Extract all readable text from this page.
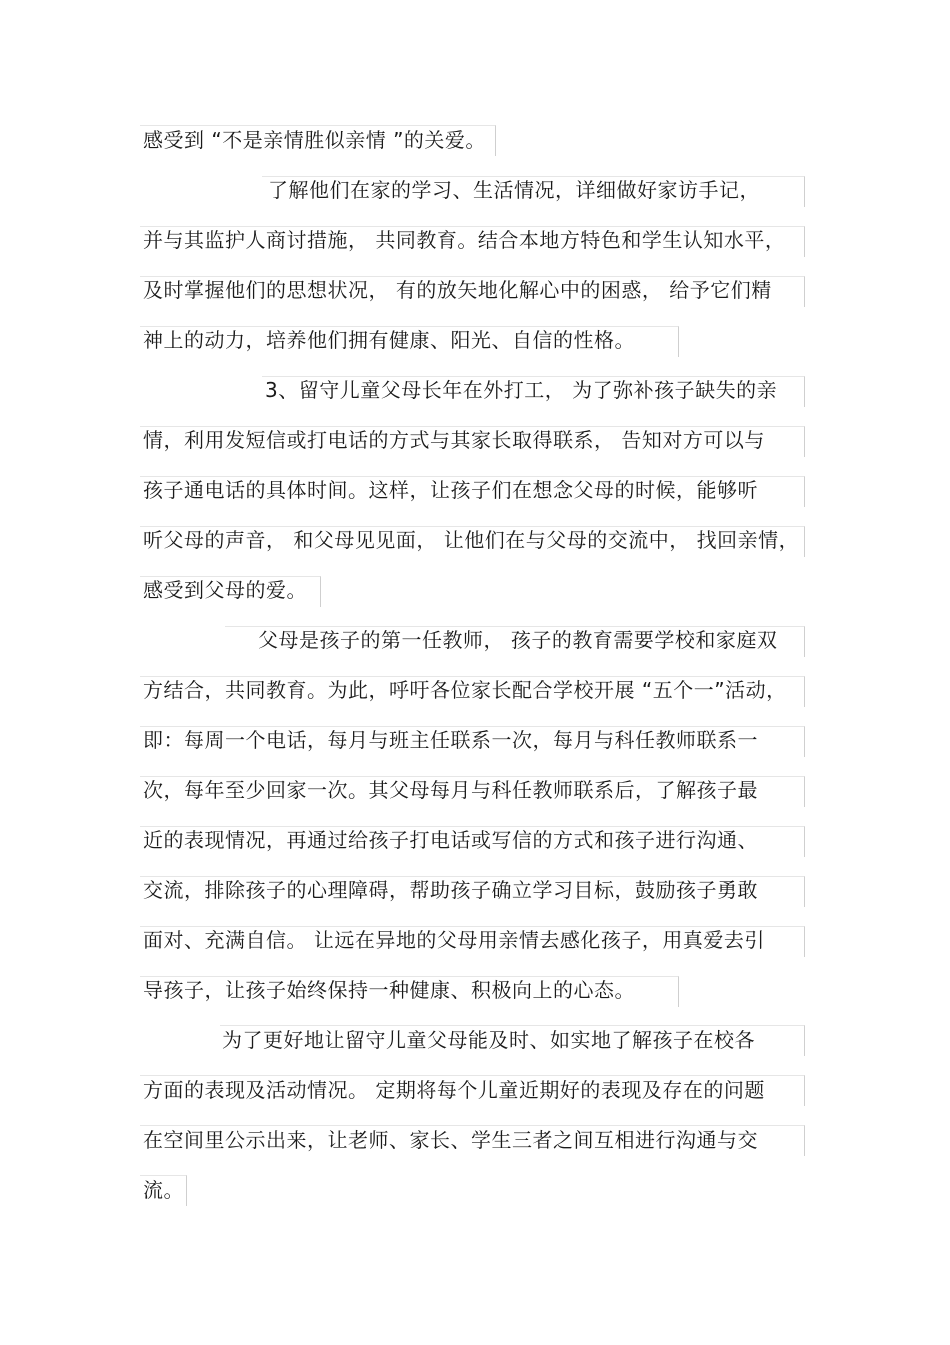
感受到 “不是亲情胜似亲情 ”的关爱。
了解他们在家的学习、生活情况，详细做好家访手记，
并与其监护人商讨措施， 共同教育。结合本地方特色和学生认知水平，
及时掌握他们的思想状况， 有的放矢地化解心中的困惑， 给予它们精
神上的动力，培养他们拥有健康、阳光、自信的性格。
3、留守儿童父母长年在外打工， 为了弥补孩子缺失的亲
情，利用发短信或打电话的方式与其家长取得联系， 告知对方可以与
孩子通电话的具体时间。这样，让孩子们在想念父母的时候，能够听
听父母的声音， 和父母见见面， 让他们在与父母的交流中， 找回亲情，
感受到父母的爱。
父母是孩子的第一任教师， 孩子的教育需要学校和家庭双
方结合，共同教育。为此，呼吁各位家长配合学校开展 “五个一”活动，
即：每周一个电话，每月与班主任联系一次，每月与科任教师联系一
次，每年至少回家一次。其父母每月与科任教师联系后，了解孩子最
近的表现情况，再通过给孩子打电话或写信的方式和孩子进行沟通、
交流，排除孩子的心理障碍，帮助孩子确立学习目标，鼓励孩子勇敢
面对、充满自信。 让远在异地的父母用亲情去感化孩子，用真爱去引
导孩子，让孩子始终保持一种健康、积极向上的心态。
为了更好地让留守儿童父母能及时、如实地了解孩子在校各
方面的表现及活动情况。 定期将每个儿童近期好的表现及存在的问题
在空间里公示出来，让老师、家长、学生三者之间互相进行沟通与交
流。
